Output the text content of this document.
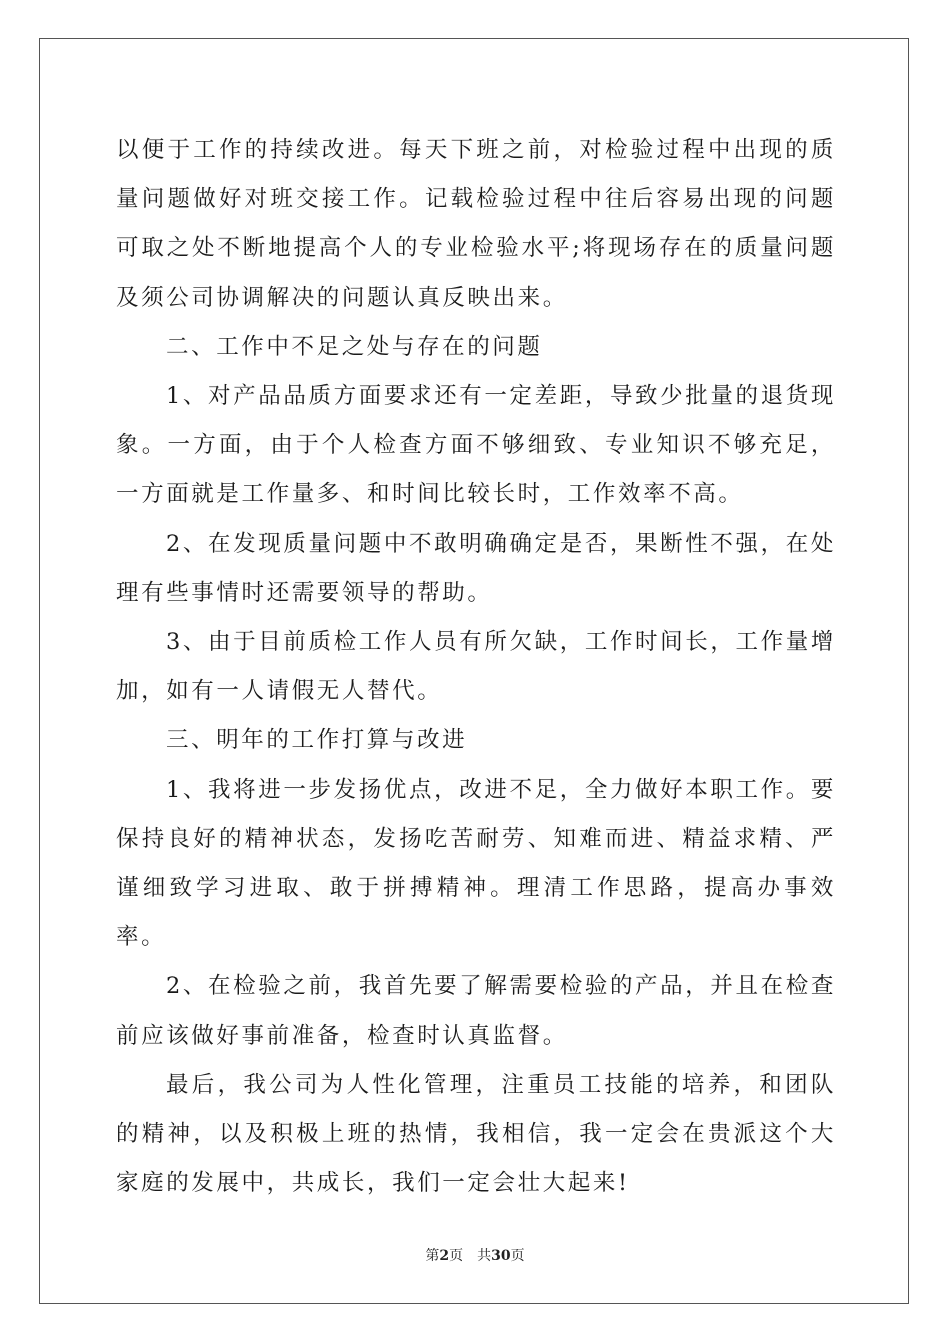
以便于工作的持续改进。每天下班之前，对检验过程中出现的质量问题做好对班交接工作。记载检验过程中往后容易出现的问题可取之处不断地提高个人的专业检验水平;将现场存在的质量问题及须公司协调解决的问题认真反映出来。

二、工作中不足之处与存在的问题

1、对产品品质方面要求还有一定差距，导致少批量的退货现象。一方面，由于个人检查方面不够细致、专业知识不够充足，一方面就是工作量多、和时间比较长时，工作效率不高。

2、在发现质量问题中不敢明确确定是否，果断性不强，在处理有些事情时还需要领导的帮助。

3、由于目前质检工作人员有所欠缺，工作时间长，工作量增加，如有一人请假无人替代。

三、明年的工作打算与改进

1、我将进一步发扬优点，改进不足，全力做好本职工作。要保持良好的精神状态，发扬吃苦耐劳、知难而进、精益求精、严谨细致学习进取、敢于拼搏精神。理清工作思路，提高办事效率。

2、在检验之前，我首先要了解需要检验的产品，并且在检查前应该做好事前准备，检查时认真监督。

最后，我公司为人性化管理，注重员工技能的培养，和团队的精神，以及积极上班的热情，我相信，我一定会在贵派这个大家庭的发展中，共成长，我们一定会壮大起来!

第2页 共30页
